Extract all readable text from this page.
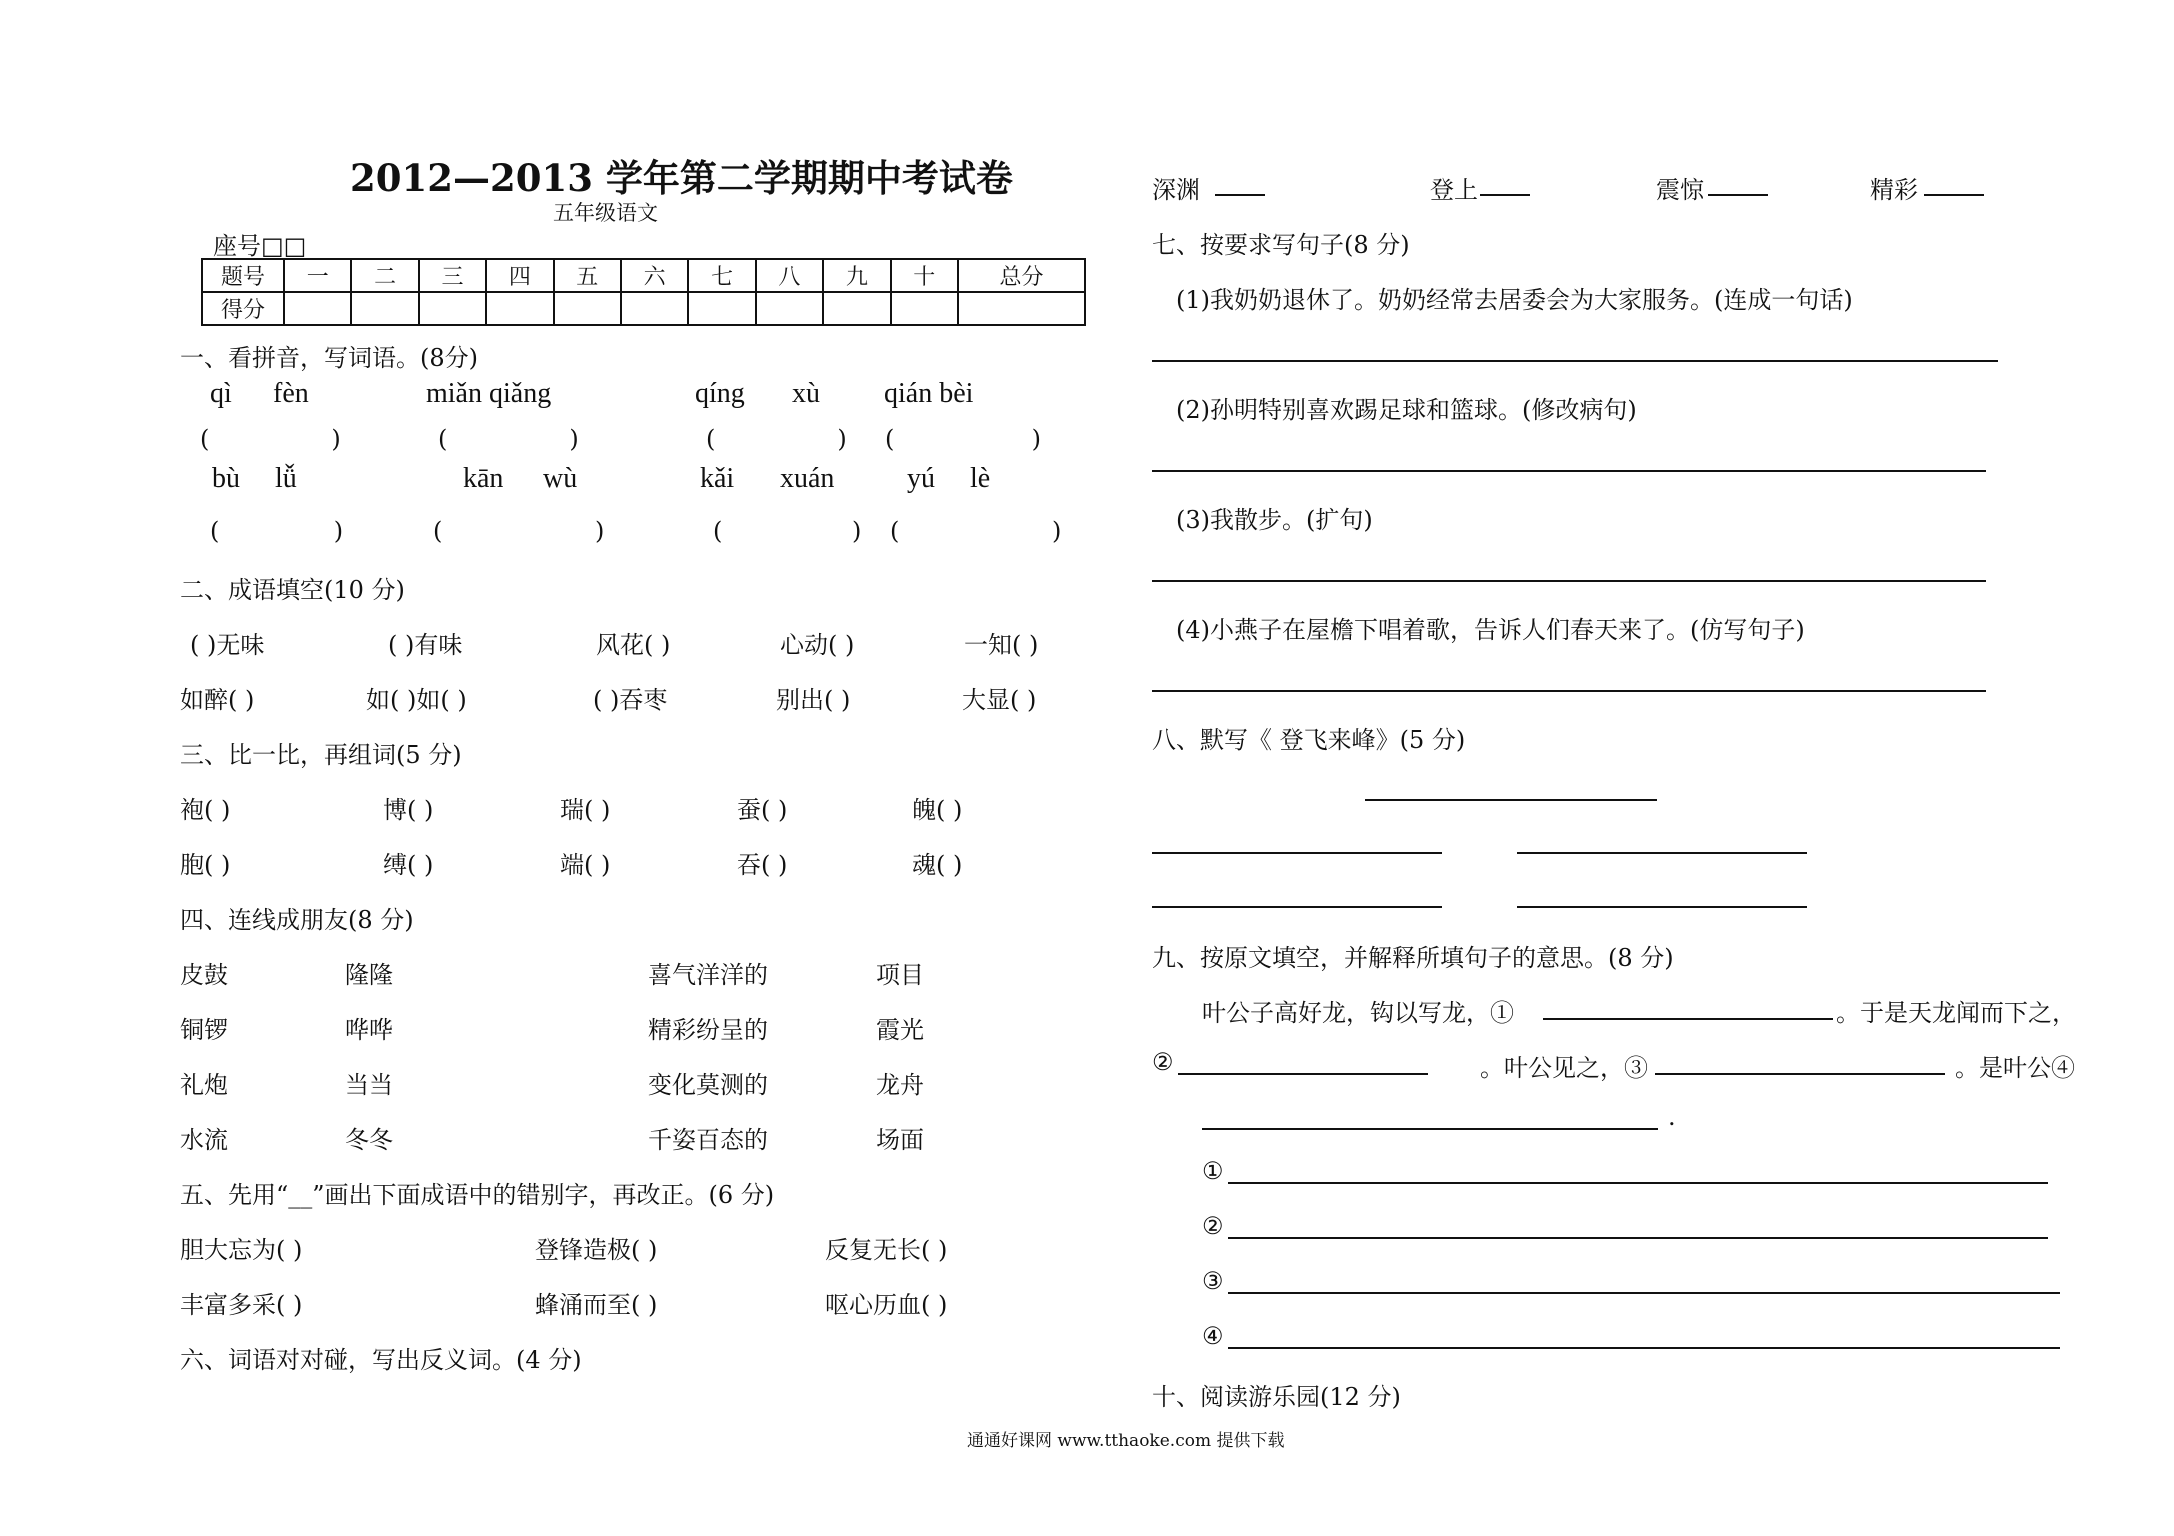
2012—2013 学年第二学期期中考试卷
五年级语文
座号□□
题号	一	二	三	四	五	六	七	八	九	十	总分
得分											
一、看拼音，写词语。(8分)
qì fèn	miǎn qiǎng	qíng xù qián bèi
(                )	(                )	(                ) (                  )
bù lǚ	kān wù	kǎi xuán	yú lè
(               )	(                    )	(                 ) (                    )
二、成语填空(10 分)
( )无味	( )有味	风花( )	心动( )	一知( )
如醉( )	如( )如( )	( )吞枣	别出( )	大显( )
三、比一比，再组词(5 分)
袍( )	博( )	瑞( )	蚕( )	魄( )
胞( )	缚( )	端( )	吞( )	魂( )
四、连线成朋友(8 分)
皮鼓	隆隆	喜气洋洋的	项目
铜锣	哗哗	精彩纷呈的	霞光
礼炮	当当	变化莫测的	龙舟
水流	冬冬	千姿百态的	场面
五、先用“__”画出下面成语中的错别字，再改正。(6 分)
胆大忘为( )	登锋造极( )	反复无长( )
丰富多采( )	蜂涌而至( )	呕心历血( )
六、词语对对碰，写出反义词。(4 分)
深渊	登上	震惊	精彩
七、按要求写句子(8 分)
(1)我奶奶退休了。奶奶经常去居委会为大家服务。(连成一句话)
(2)孙明特别喜欢踢足球和篮球。(修改病句)
(3)我散步。(扩句)
(4)小燕子在屋檐下唱着歌，告诉人们春天来了。(仿写句子)
八、默写《 登飞来峰》(5 分)
九、按原文填空，并解释所填句子的意思。(8 分)
叶公子高好龙，钩以写龙，①	。于是天龙闻而下之，
②	。叶公见之，③	。是叶公④
.
①
②
③
④
十、阅读游乐园(12 分)
通通好课网 www.tthaoke.com 提供下载
